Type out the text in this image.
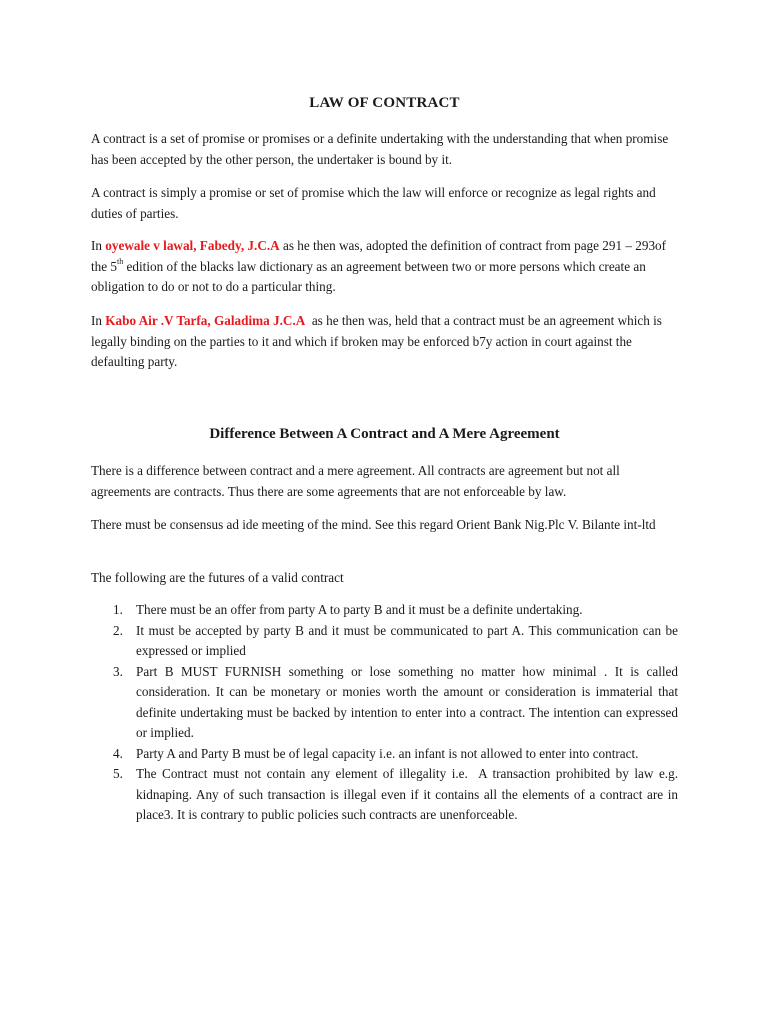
LAW OF CONTRACT

A contract is a set of promise or promises or a definite undertaking with the understanding that when promise has been accepted by the other person, the undertaker is bound by it.

A contract is simply a promise or set of promise which the law will enforce or recognize as legal rights and duties of parties.

In oyewale v lawal, Fabedy, J.C.A as he then was, adopted the definition of contract from page 291 – 293of the 5th edition of the blacks law dictionary as an agreement between two or more persons which create an obligation to do or not to do a particular thing.

In Kabo Air .V Tarfa, Galadima J.C.A  as he then was, held that a contract must be an agreement which is legally binding on the parties to it and which if broken may be enforced b7y action in court against the defaulting party.

Difference Between A Contract and A Mere Agreement

There is a difference between contract and a mere agreement. All contracts are agreement but not all agreements are contracts. Thus there are some agreements that are not enforceable by law.

There must be consensus ad ide meeting of the mind. See this regard Orient Bank Nig.Plc V. Bilante int-ltd

The following are the futures of a valid contract

1. There must be an offer from party A to party B and it must be a definite undertaking.
2. It must be accepted by party B and it must be communicated to part A. This communication can be expressed or implied
3. Part B MUST FURNISH something or lose something no matter how minimal . It is called consideration. It can be monetary or monies worth the amount or consideration is immaterial that definite undertaking must be backed by intention to enter into a contract. The intention can expressed or implied.
4. Party A and Party B must be of legal capacity i.e. an infant is not allowed to enter into contract.
5. The Contract must not contain any element of illegality i.e.  A transaction prohibited by law e.g. kidnaping. Any of such transaction is illegal even if it contains all the elements of a contract are in place3. It is contrary to public policies such contracts are unenforceable.
